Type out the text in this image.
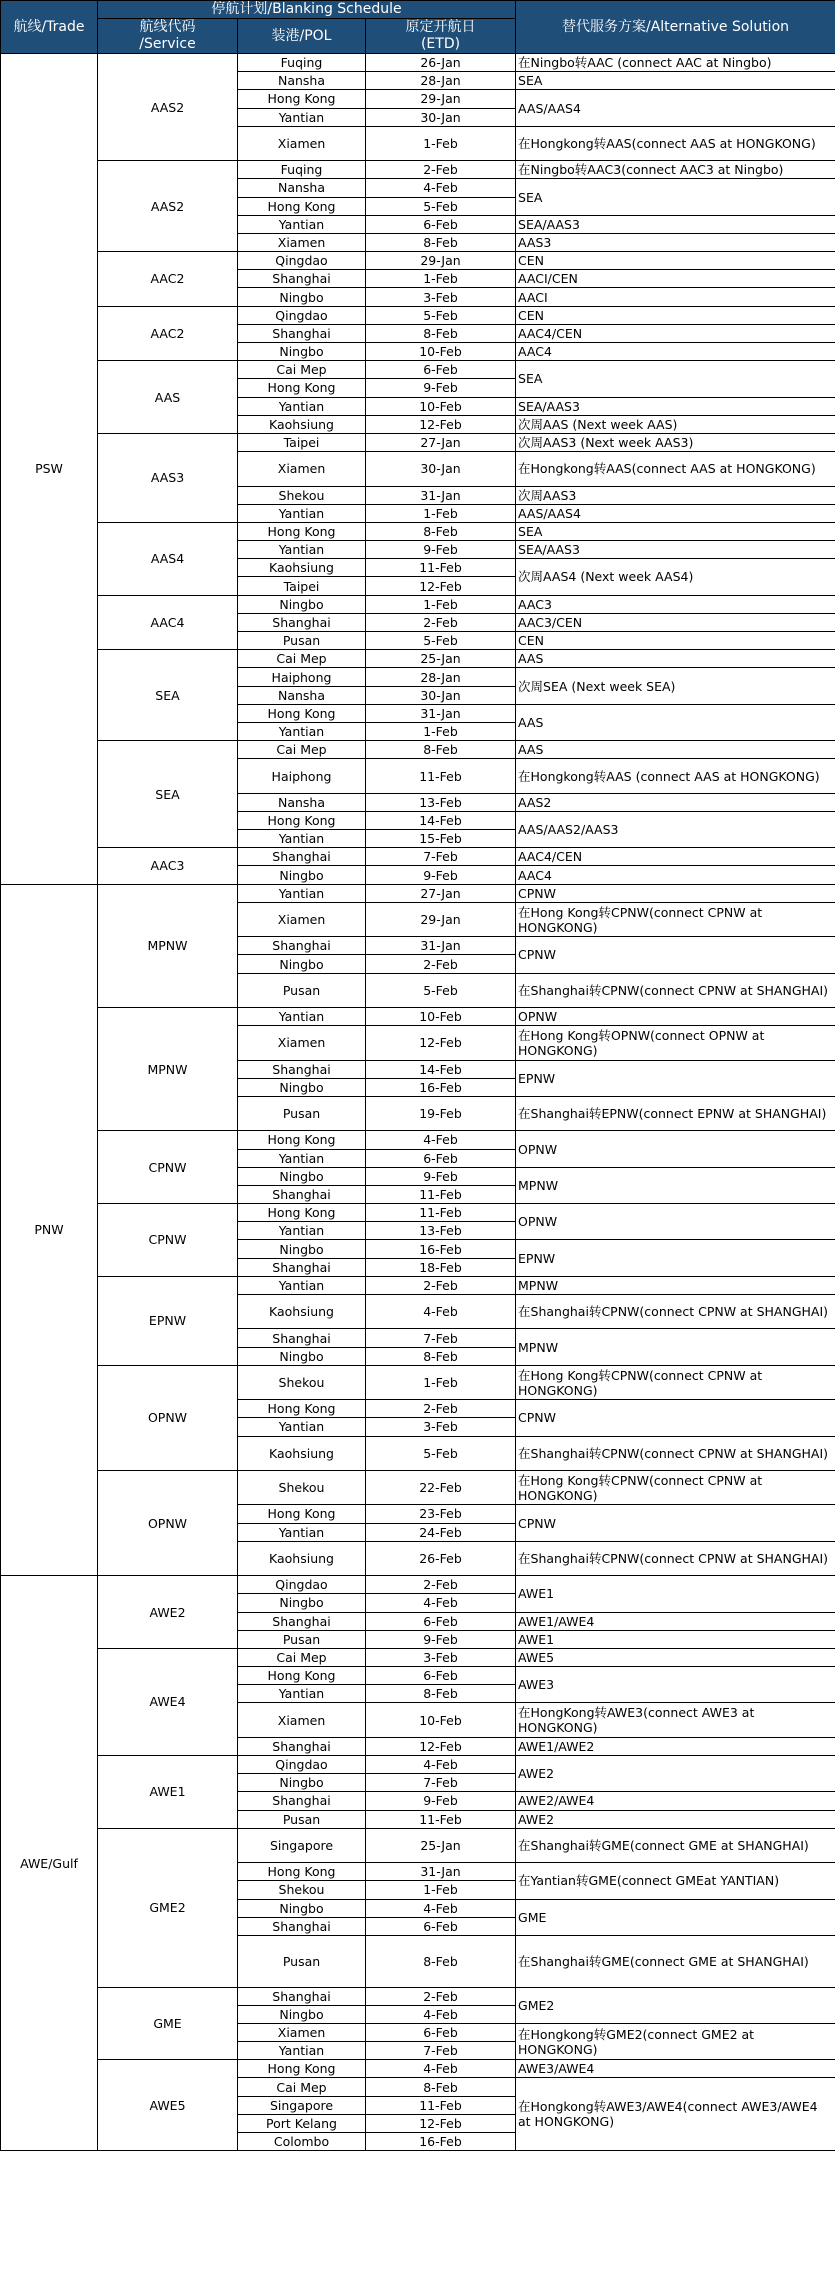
航线/Trade	停航计划/Blanking Schedule			替代服务方案/Alternative Solution
	航线代码
/Service	装港/POL	原定开航日
(ETD)	
PSW	AAS2	Fuqing	26-Jan	在Ningbo转AAC (connect AAC at Ningbo)
		Nansha	28-Jan	SEA
		Hong Kong	29-Jan	AAS/AAS4
		Yantian	30-Jan	
		Xiamen	1-Feb	在Hongkong转AAS(connect AAS at HONGKONG)
	AAS2	Fuqing	2-Feb	在Ningbo转AAC3(connect AAC3 at Ningbo)
		Nansha	4-Feb	SEA
		Hong Kong	5-Feb	
		Yantian	6-Feb	SEA/AAS3
		Xiamen	8-Feb	AAS3
	AAC2	Qingdao	29-Jan	CEN
		Shanghai	1-Feb	AACI/CEN
		Ningbo	3-Feb	AACI
	AAC2	Qingdao	5-Feb	CEN
		Shanghai	8-Feb	AAC4/CEN
		Ningbo	10-Feb	AAC4
	AAS	Cai Mep	6-Feb	SEA
		Hong Kong	9-Feb	
		Yantian	10-Feb	SEA/AAS3
		Kaohsiung	12-Feb	次周AAS (Next week AAS)
	AAS3	Taipei	27-Jan	次周AAS3 (Next week AAS3)
		Xiamen	30-Jan	在Hongkong转AAS(connect AAS at HONGKONG)
		Shekou	31-Jan	次周AAS3
		Yantian	1-Feb	AAS/AAS4
	AAS4	Hong Kong	8-Feb	SEA
		Yantian	9-Feb	SEA/AAS3
		Kaohsiung	11-Feb	次周AAS4 (Next week AAS4)
		Taipei	12-Feb	
	AAC4	Ningbo	1-Feb	AAC3
		Shanghai	2-Feb	AAC3/CEN
		Pusan	5-Feb	CEN
	SEA	Cai Mep	25-Jan	AAS
		Haiphong	28-Jan	次周SEA (Next week SEA)
		Nansha	30-Jan	
		Hong Kong	31-Jan	AAS
		Yantian	1-Feb	
	SEA	Cai Mep	8-Feb	AAS
		Haiphong	11-Feb	在Hongkong转AAS (connect AAS at HONGKONG)
		Nansha	13-Feb	AAS2
		Hong Kong	14-Feb	AAS/AAS2/AAS3
		Yantian	15-Feb	
	AAC3	Shanghai	7-Feb	AAC4/CEN
		Ningbo	9-Feb	AAC4
PNW	MPNW	Yantian	27-Jan	CPNW
		Xiamen	29-Jan	在Hong Kong转CPNW(connect CPNW at HONGKONG)
		Shanghai	31-Jan	CPNW
		Ningbo	2-Feb	
		Pusan	5-Feb	在Shanghai转CPNW(connect CPNW at SHANGHAI)
	MPNW	Yantian	10-Feb	OPNW
		Xiamen	12-Feb	在Hong Kong转OPNW(connect OPNW at HONGKONG)
		Shanghai	14-Feb	EPNW
		Ningbo	16-Feb	
		Pusan	19-Feb	在Shanghai转EPNW(connect EPNW at SHANGHAI)
	CPNW	Hong Kong	4-Feb	OPNW
		Yantian	6-Feb	
		Ningbo	9-Feb	MPNW
		Shanghai	11-Feb	
	CPNW	Hong Kong	11-Feb	OPNW
		Yantian	13-Feb	
		Ningbo	16-Feb	EPNW
		Shanghai	18-Feb	
	EPNW	Yantian	2-Feb	MPNW
		Kaohsiung	4-Feb	在Shanghai转CPNW(connect CPNW at SHANGHAI)
		Shanghai	7-Feb	MPNW
		Ningbo	8-Feb	
	OPNW	Shekou	1-Feb	在Hong Kong转CPNW(connect CPNW at HONGKONG)
		Hong Kong	2-Feb	CPNW
		Yantian	3-Feb	
		Kaohsiung	5-Feb	在Shanghai转CPNW(connect CPNW at SHANGHAI)
	OPNW	Shekou	22-Feb	在Hong Kong转CPNW(connect CPNW at HONGKONG)
		Hong Kong	23-Feb	CPNW
		Yantian	24-Feb	
		Kaohsiung	26-Feb	在Shanghai转CPNW(connect CPNW at SHANGHAI)
AWE/Gulf	AWE2	Qingdao	2-Feb	AWE1
		Ningbo	4-Feb	
		Shanghai	6-Feb	AWE1/AWE4
		Pusan	9-Feb	AWE1
	AWE4	Cai Mep	3-Feb	AWE5
		Hong Kong	6-Feb	AWE3
		Yantian	8-Feb	
		Xiamen	10-Feb	在HongKong转AWE3(connect AWE3 at HONGKONG)
		Shanghai	12-Feb	AWE1/AWE2
	AWE1	Qingdao	4-Feb	AWE2
		Ningbo	7-Feb	
		Shanghai	9-Feb	AWE2/AWE4
		Pusan	11-Feb	AWE2
	GME2	Singapore	25-Jan	在Shanghai转GME(connect GME at SHANGHAI)
		Hong Kong	31-Jan	在Yantian转GME(connect GMEat YANTIAN)
		Shekou	1-Feb	
		Ningbo	4-Feb	GME
		Shanghai	6-Feb	
		Pusan	8-Feb	在Shanghai转GME(connect GME at SHANGHAI)
	GME	Shanghai	2-Feb	GME2
		Ningbo	4-Feb	
		Xiamen	6-Feb	在Hongkong转GME2(connect GME2 at HONGKONG)
		Yantian	7-Feb	
	AWE5	Hong Kong	4-Feb	AWE3/AWE4
		Cai Mep	8-Feb	在Hongkong转AWE3/AWE4(connect AWE3/AWE4 at HONGKONG)
		Singapore	11-Feb	
		Port Kelang	12-Feb	
		Colombo	16-Feb	
